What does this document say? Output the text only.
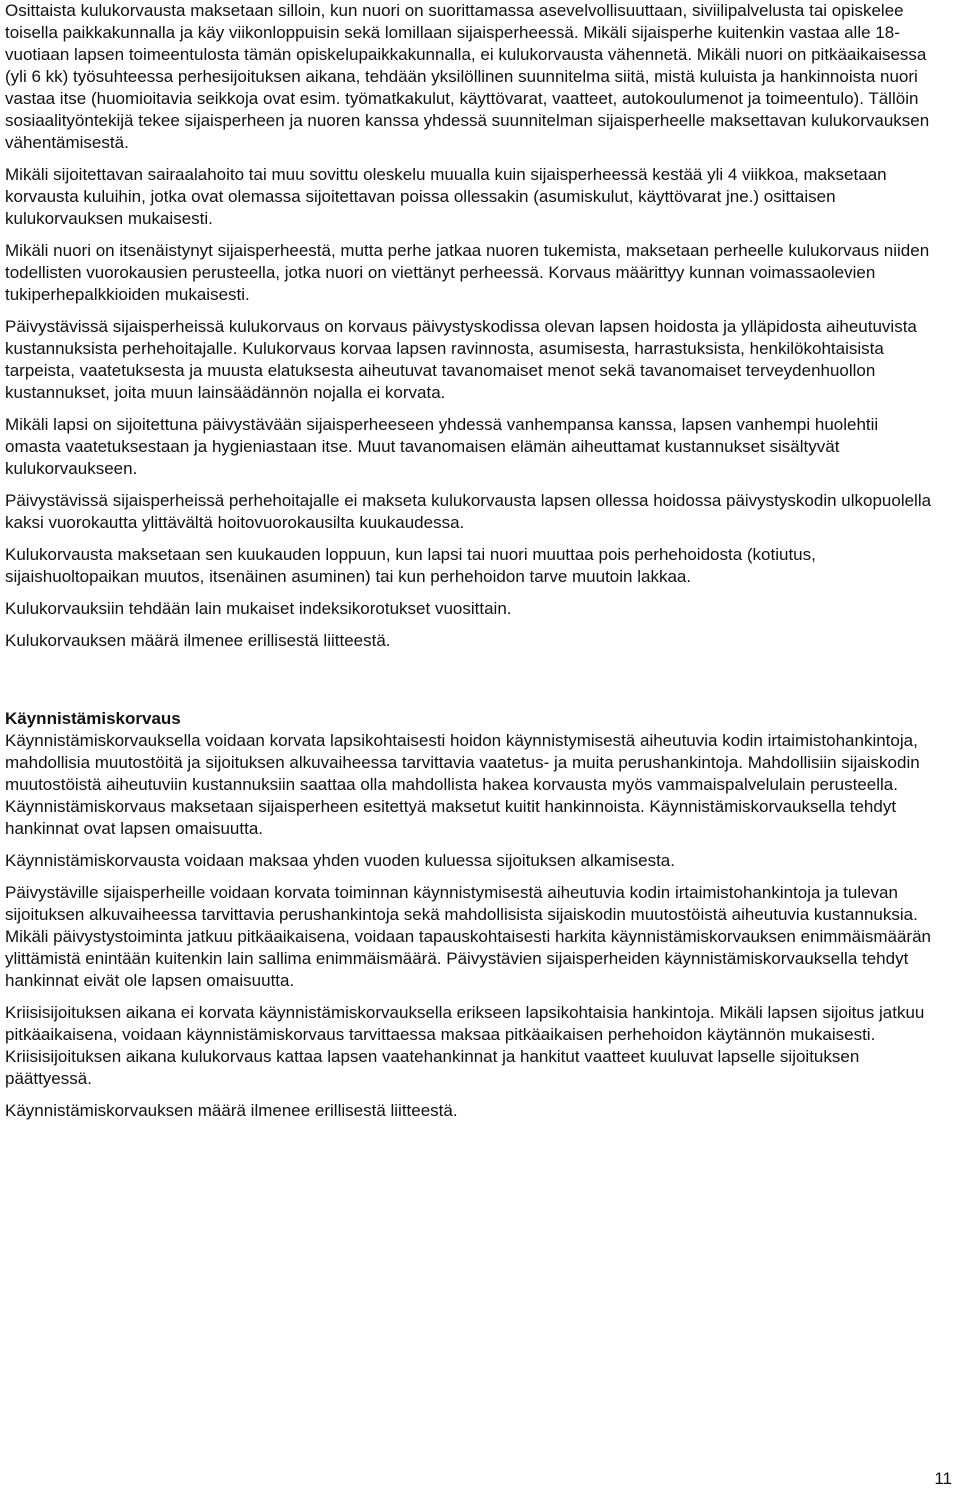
Osittaista kulukorvausta maksetaan silloin, kun nuori on suorittamassa asevelvollisuuttaan, siviilipalvelusta tai opiskelee toisella paikkakunnalla ja käy viikonloppuisin sekä lomillaan sijaisperheessä. Mikäli sijaisperhe kuitenkin vastaa alle 18-vuotiaan lapsen toimeentulosta tämän opiskelupaikkakunnalla, ei kulukorvausta vähennetä. Mikäli nuori on pitkäaikaisessa (yli 6 kk) työsuhteessa perhesijoituksen aikana, tehdään yksilöllinen suunnitelma siitä, mistä kuluista ja hankinnoista nuori vastaa itse (huomioitavia seikkoja ovat esim. työmatkakulut, käyttövarat, vaatteet, autokoulumenot ja toimeentulo). Tällöin sosiaalityöntekijä tekee sijaisperheen ja nuoren kanssa yhdessä suunnitelman sijaisperheelle maksettavan kulukorvauksen vähentämisestä.

Mikäli sijoitettavan sairaalahoito tai muu sovittu oleskelu muualla kuin sijaisperheessä kestää yli 4 viikkoa, maksetaan korvausta kuluihin, jotka ovat olemassa sijoitettavan poissa ollessakin (asumiskulut, käyttövarat jne.) osittaisen kulukorvauksen mukaisesti.

Mikäli nuori on itsenäistynyt sijaisperheestä, mutta perhe jatkaa nuoren tukemista, maksetaan perheelle kulukorvaus niiden todellisten vuorokausien perusteella, jotka nuori on viettänyt perheessä. Korvaus määrittyy kunnan voimassaolevien tukiperhepalkkioiden mukaisesti.

Päivystävissä sijaisperheissä kulukorvaus on korvaus päivystyskodissa olevan lapsen hoidosta ja ylläpidosta aiheutuvista kustannuksista perhehoitajalle. Kulukorvaus korvaa lapsen ravinnosta, asumisesta, harrastuksista, henkilökohtaisista tarpeista, vaatetuksesta ja muusta elatuksesta aiheutuvat tavanomaiset menot sekä tavanomaiset terveydenhuollon kustannukset, joita muun lainsäädännön nojalla ei korvata.

Mikäli lapsi on sijoitettuna päivystävään sijaisperheeseen yhdessä vanhempansa kanssa, lapsen vanhempi huolehtii omasta vaatetuksestaan ja hygieniastaan itse. Muut tavanomaisen elämän aiheuttamat kustannukset sisältyvät kulukorvaukseen.

Päivystävissä sijaisperheissä perhehoitajalle ei makseta kulukorvausta lapsen ollessa hoidossa päivystyskodin ulkopuolella kaksi vuorokautta ylittävältä hoitovuorokausilta kuukaudessa.

Kulukorvausta maksetaan sen kuukauden loppuun, kun lapsi tai nuori muuttaa pois perhehoidosta (kotiutus, sijaishuoltopaikan muutos, itsenäinen asuminen) tai kun perhehoidon tarve muutoin lakkaa.

Kulukorvauksiin tehdään lain mukaiset indeksikorotukset vuosittain.

Kulukorvauksen määrä ilmenee erillisestä liitteestä.

Käynnistämiskorvaus

Käynnistämiskorvauksella voidaan korvata lapsikohtaisesti hoidon käynnistymisestä aiheutuvia kodin irtaimistohankintoja, mahdollisia muutostöitä ja sijoituksen alkuvaiheessa tarvittavia vaatetus- ja muita perushankintoja. Mahdollisiin sijaiskodin muutostöistä aiheutuviin kustannuksiin saattaa olla mahdollista hakea korvausta myös vammaispalvelulain perusteella. Käynnistämiskorvaus maksetaan sijaisperheen esitettyä maksetut kuitit hankinnoista. Käynnistämiskorvauksella tehdyt hankinnat ovat lapsen omaisuutta.

Käynnistämiskorvausta voidaan maksaa yhden vuoden kuluessa sijoituksen alkamisesta.

Päivystäville sijaisperheille voidaan korvata toiminnan käynnistymisestä aiheutuvia kodin irtaimistohankintoja ja tulevan sijoituksen alkuvaiheessa tarvittavia perushankintoja sekä mahdollisista sijaiskodin muutostöistä aiheutuvia kustannuksia. Mikäli päivystystoiminta jatkuu pitkäaikaisena, voidaan tapauskohtaisesti harkita käynnistämiskorvauksen enimmäismäärän ylittämistä enintään kuitenkin lain sallima enimmäismäärä. Päivystävien sijaisperheiden käynnistämiskorvauksella tehdyt hankinnat eivät ole lapsen omaisuutta.

Kriisisijoituksen aikana ei korvata käynnistämiskorvauksella erikseen lapsikohtaisia hankintoja. Mikäli lapsen sijoitus jatkuu pitkäaikaisena, voidaan käynnistämiskorvaus tarvittaessa maksaa pitkäaikaisen perhehoidon käytännön mukaisesti. Kriisisijoituksen aikana kulukorvaus kattaa lapsen vaatehankinnat ja hankitut vaatteet kuuluvat lapselle sijoituksen päättyessä.

Käynnistämiskorvauksen määrä ilmenee erillisestä liitteestä.

11
